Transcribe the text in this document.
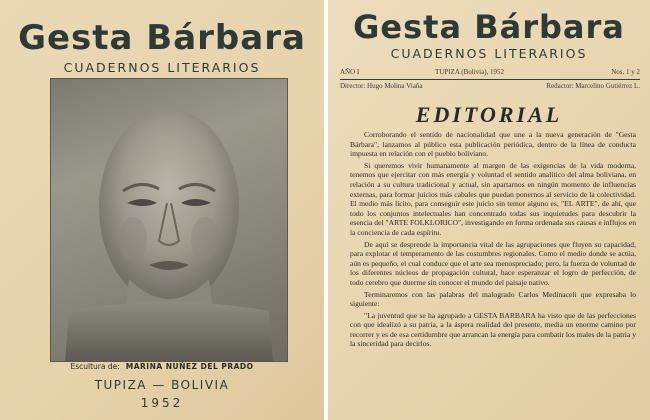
Gesta Bárbara
CUADERNOS LITERARIOS
Escultura de: MARINA NUÑEZ DEL PRADO
TUPIZA — BOLIVIA
1952
Gesta Bárbara
CUADERNOS LITERARIOS
AÑO I	TUPIZA (Bolivia), 1952	Nos. 1 y 2
Director: Hugo Molina Viaña	Redactor: Marcelino Gutiérrez L.
EDITORIAL

Corroborando el sentido de nacionalidad que une a la nueva generación de "Gesta Bárbara", lanzamos al público esta publicación periódica, dentro de la línea de conducta impuesta en relación con el pueblo boliviano.

Si queremos vivir humanamente al margen de las exigencias de la vida moderna, tenemos que ejercitar con más energía y voluntad el sentido analítico del alma boliviana, en relación a su cultura tradicional y actual, sin apartarnos en ningún momento de influencias externas, para formar juicios más cabales que puedan ponernos al servicio de la colectividad. El medio más lícito, para conseguir este juicio sin temor alguno es, "EL ARTE", de ahí, que todo los conjuntos intelectuales han concentrado todas sus inquietudes para descubrir la esencia del "ARTE FOLKLORICO", investigando en forma ordenada sus causas e influjos en la conciencia de cada espíritu.

De aquí se desprende la importancia vital de las agrupaciones que fluyen su capacidad, para explotar el temperamento de las costumbres regionales. Como el medio donde se actúa, aún es pequeño, el cual conduce que el arte sea menospreciado; pero, la fuerza de voluntad de los diferentes núcleos de propagación cultural, hace esperanzar el logro de perfección, de todo cerebro que duerme sin conocer el mundo del paisaje nativo.

Terminaremos con las palabras del malogrado Carlos Medinaceli que expresaba lo siguiente:

"La juventud que se ha agrupado a GESTA BARBARA ha visto que de las perfecciones con que idealizó a su patria, a la áspera realidad del presente, media un enorme camino por recorrer y es de esa certidumbre que arrancan la energía para combatir los males de la patria y la sinceridad para decirlos.
